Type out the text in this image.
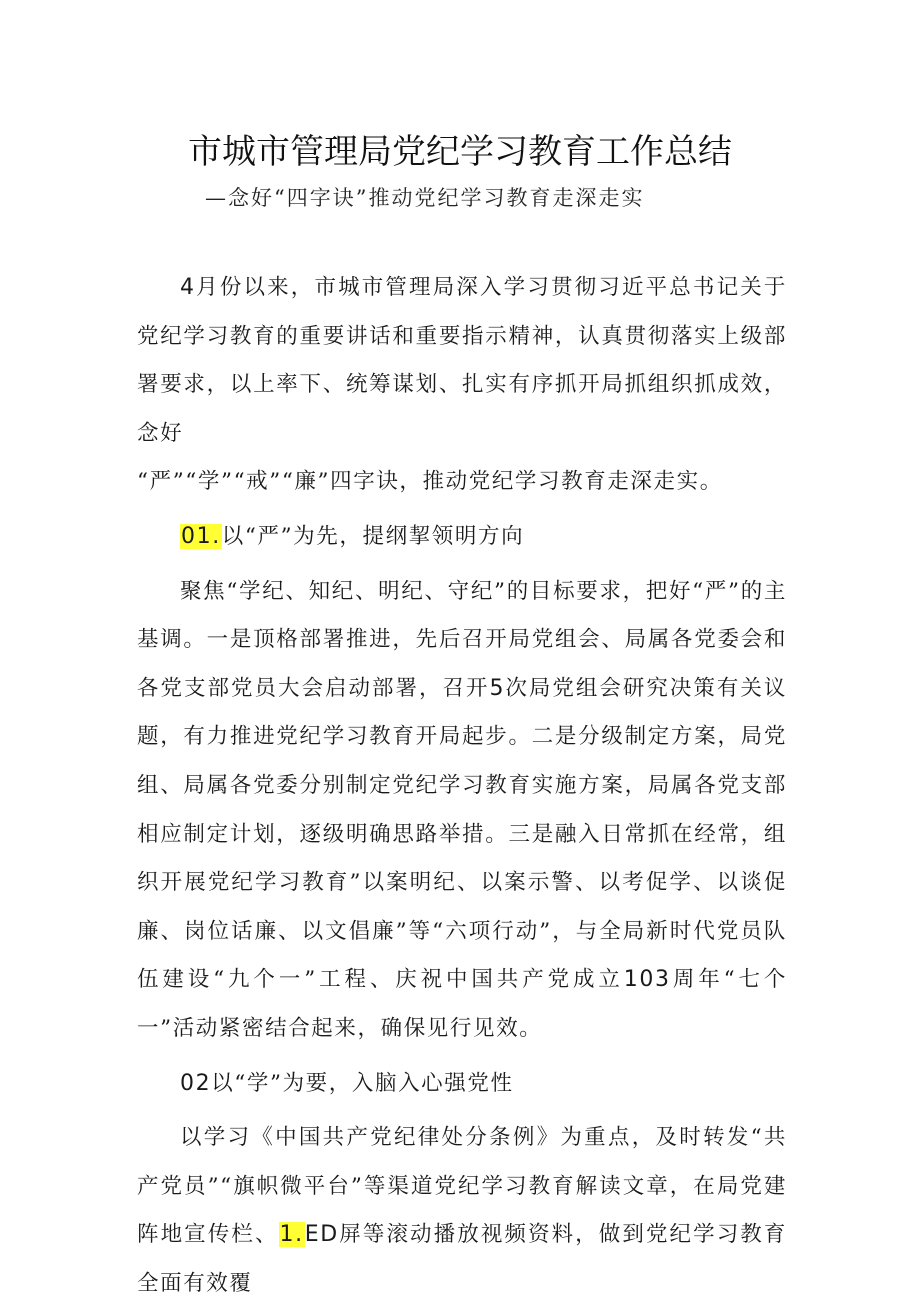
市城市管理局党纪学习教育工作总结

—念好“四字诀”推动党纪学习教育走深走实

4月份以来，市城市管理局深入学习贯彻习近平总书记关于党纪学习教育的重要讲话和重要指示精神，认真贯彻落实上级部署要求，以上率下、统筹谋划、扎实有序抓开局抓组织抓成效，念好
“严”“学”“戒”“廉”四字诀，推动党纪学习教育走深走实。

01.以“严”为先，提纲挈领明方向

聚焦“学纪、知纪、明纪、守纪”的目标要求，把好“严”的主基调。一是顶格部署推进，先后召开局党组会、局属各党委会和各党支部党员大会启动部署，召开5次局党组会研究决策有关议题，有力推进党纪学习教育开局起步。二是分级制定方案，局党组、局属各党委分别制定党纪学习教育实施方案，局属各党支部相应制定计划，逐级明确思路举措。三是融入日常抓在经常，组织开展党纪学习教育”以案明纪、以案示警、以考促学、以谈促廉、岗位话廉、以文倡廉”等“六项行动”，与全局新时代党员队伍建设“九个一”工程、庆祝中国共产党成立103周年“七个一”活动紧密结合起来，确保见行见效。

02以“学”为要，入脑入心强党性

以学习《中国共产党纪律处分条例》为重点，及时转发“共产党员”“旗帜微平台”等渠道党纪学习教育解读文章，在局党建阵地宣传栏、1.ED屏等滚动播放视频资料，做到党纪学习教育全面有效覆
